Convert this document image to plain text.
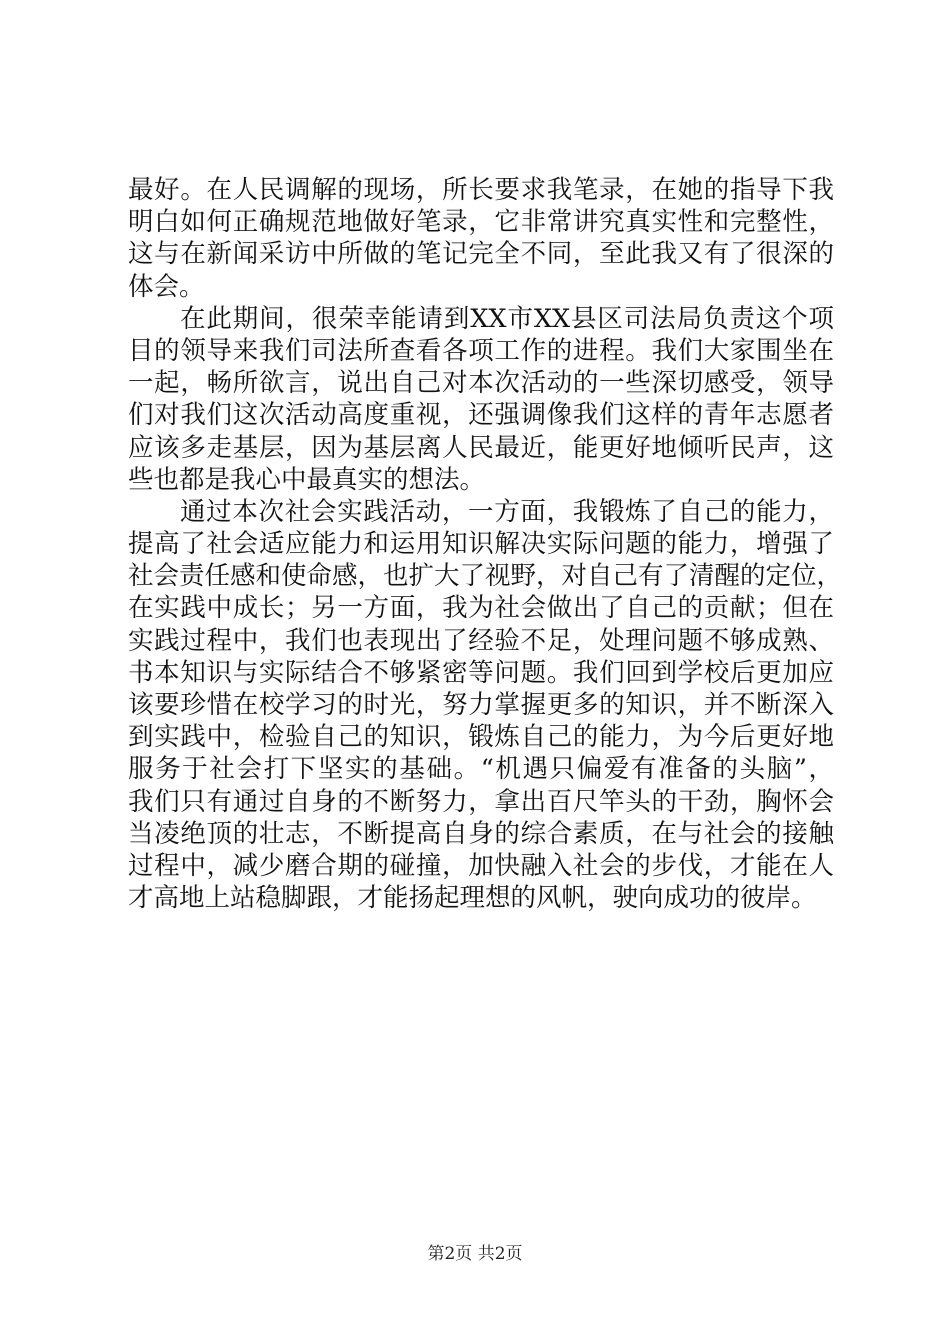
最好。在人民调解的现场，所长要求我笔录，在她的指导下我
明白如何正确规范地做好笔录，它非常讲究真实性和完整性，
这与在新闻采访中所做的笔记完全不同，至此我又有了很深的
体会。
在此期间，很荣幸能请到XX市XX县区司法局负责这个项
目的领导来我们司法所查看各项工作的进程。我们大家围坐在
一起，畅所欲言，说出自己对本次活动的一些深切感受，领导
们对我们这次活动高度重视，还强调像我们这样的青年志愿者
应该多走基层，因为基层离人民最近，能更好地倾听民声，这
些也都是我心中最真实的想法。
通过本次社会实践活动，一方面，我锻炼了自己的能力，
提高了社会适应能力和运用知识解决实际问题的能力，增强了
社会责任感和使命感，也扩大了视野，对自己有了清醒的定位，
在实践中成长；另一方面，我为社会做出了自己的贡献；但在
实践过程中，我们也表现出了经验不足，处理问题不够成熟、
书本知识与实际结合不够紧密等问题。我们回到学校后更加应
该要珍惜在校学习的时光，努力掌握更多的知识，并不断深入
到实践中，检验自己的知识，锻炼自己的能力，为今后更好地
服务于社会打下坚实的基础。“机遇只偏爱有准备的头脑”，
我们只有通过自身的不断努力，拿出百尺竿头的干劲，胸怀会
当凌绝顶的壮志，不断提高自身的综合素质，在与社会的接触
过程中，减少磨合期的碰撞，加快融入社会的步伐，才能在人
才高地上站稳脚跟，才能扬起理想的风帆，驶向成功的彼岸。
第2页 共2页
